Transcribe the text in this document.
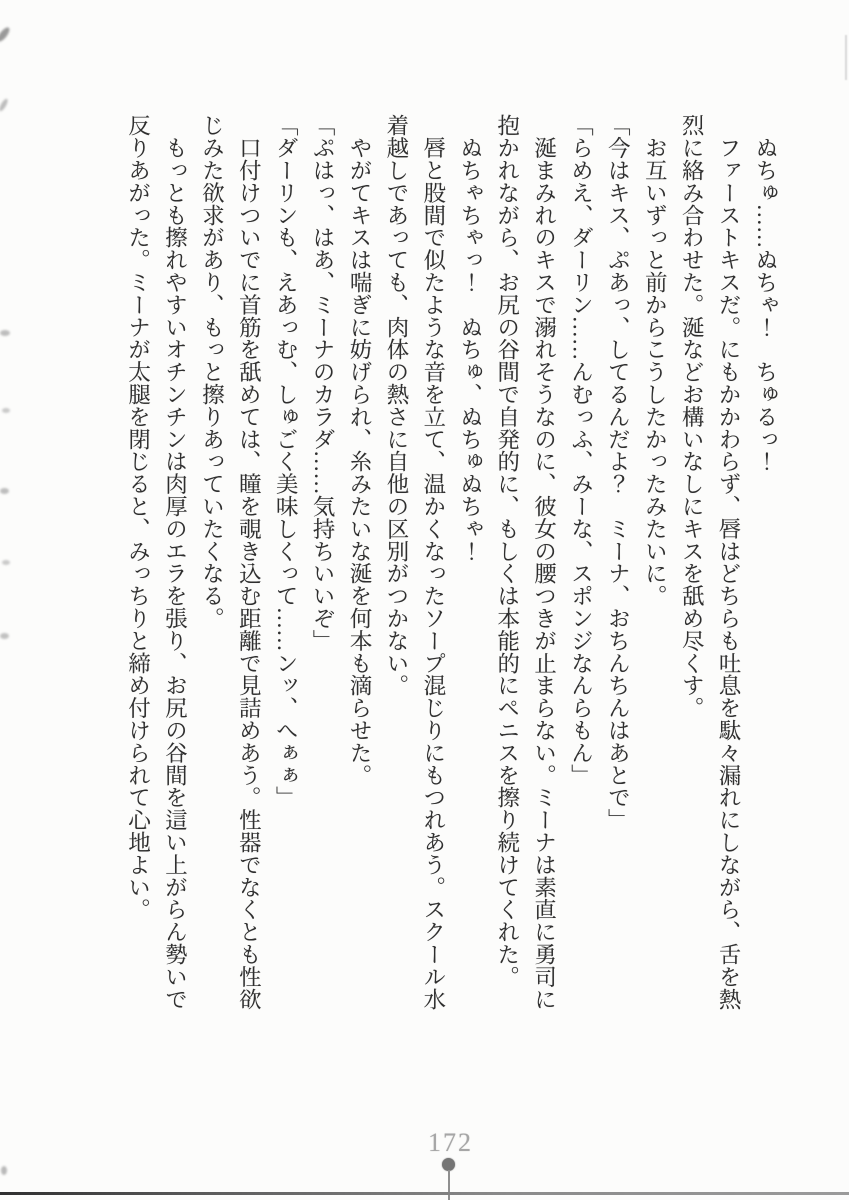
　ぬちゅ……ぬちゃ！　ちゅるっ！

　ファーストキスだ。にもかかわらず、唇はどちらも吐息を駄々漏れにしながら、舌を熱烈に絡み合わせた。涎などお構いなしにキスを舐め尽くす。

　お互いずっと前からこうしたかったみたいに。

「今はキス、ぷあっ、してるんだよ？　ミーナ、おちんちんはあとで」

「らめえ、ダーリン……んむっふ、みーな、スポンジなんらもん」

　涎まみれのキスで溺れそうなのに、彼女の腰つきが止まらない。ミーナは素直に勇司に抱かれながら、お尻の谷間で自発的に、もしくは本能的にペニスを擦り続けてくれた。

　ぬちゃちゃっ！　ぬちゅ、ぬちゅぬちゃ！

　唇と股間で似たような音を立て、温かくなったソープ混じりにもつれあう。スクール水着越しであっても、肉体の熱さに自他の区別がつかない。

　やがてキスは喘ぎに妨げられ、糸みたいな涎を何本も滴らせた。

「ぷはっ、はあ、ミーナのカラダ……気持ちいいぞ」

「ダーリンも、えあっむ、しゅごく美味しくって……ンッ、へぁぁ」

　口付けついでに首筋を舐めては、瞳を覗き込む距離で見詰めあう。性器でなくとも性欲じみた欲求があり、もっと擦りあっていたくなる。

　もっとも擦れやすいオチンチンは肉厚のエラを張り、お尻の谷間を這い上がらん勢いで反りあがった。ミーナが太腿を閉じると、みっちりと締め付けられて心地よい。

172
